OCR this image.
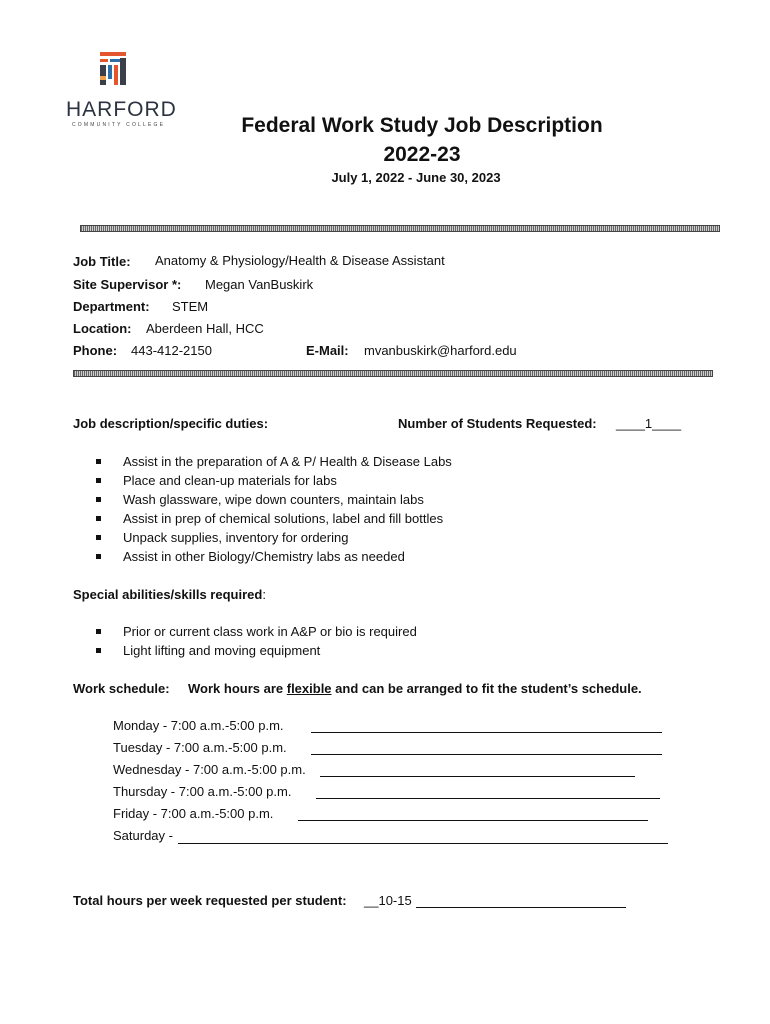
HARFORD
COMMUNITY COLLEGE	Federal Work Study Job Description
2022-23
July 1, 2022 - June 30, 2023
Job Title: Anatomy & Physiology/Health & Disease Assistant
Site Supervisor *: Megan VanBuskirk
Department: STEM
Location: Aberdeen Hall, HCC
Phone: 443-412-2150	E-Mail: mvanbuskirk@harford.edu
Job description/specific duties:	Number of Students Requested: ____1____
Assist in the preparation of A & P/ Health & Disease Labs
Place and clean-up materials for labs
Wash glassware, wipe down counters, maintain labs
Assist in prep of chemical solutions, label and fill bottles
Unpack supplies, inventory for ordering
Assist in other Biology/Chemistry labs as needed
Special abilities/skills required:
Prior or current class work in A&P or bio is required
Light lifting and moving equipment
Work schedule: Work hours are flexible and can be arranged to fit the student’s schedule.
Monday - 7:00 a.m.-5:00 p.m.
Tuesday - 7:00 a.m.-5:00 p.m.
Wednesday - 7:00 a.m.-5:00 p.m.
Thursday - 7:00 a.m.-5:00 p.m.
Friday - 7:00 a.m.-5:00 p.m.
Saturday -
Total hours per week requested per student: __10-15
